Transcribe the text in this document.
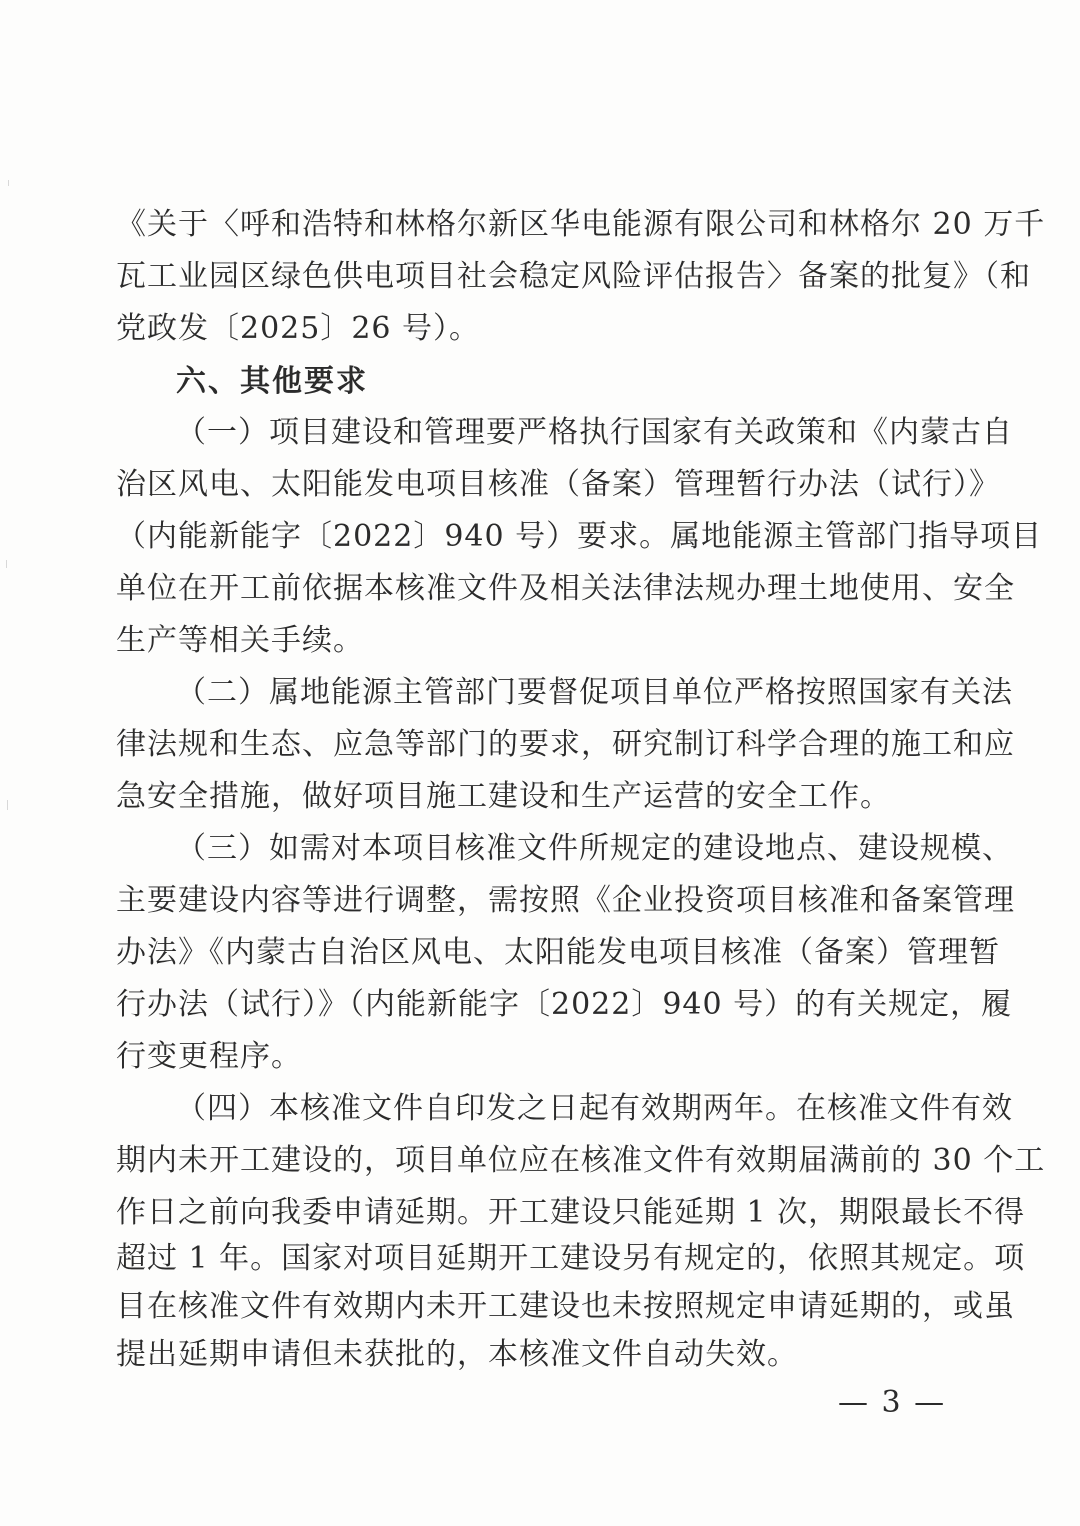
《关于〈呼和浩特和林格尔新区华电能源有限公司和林格尔 20 万千
瓦工业园区绿色供电项目社会稳定风险评估报告〉备案的批复》（和
党政发〔2025〕26 号）。
六、其他要求
（一）项目建设和管理要严格执行国家有关政策和《内蒙古自
治区风电、太阳能发电项目核准（备案）管理暂行办法（试行）》
（内能新能字〔2022〕940 号）要求。属地能源主管部门指导项目
单位在开工前依据本核准文件及相关法律法规办理土地使用、安全
生产等相关手续。
（二）属地能源主管部门要督促项目单位严格按照国家有关法
律法规和生态、应急等部门的要求，研究制订科学合理的施工和应
急安全措施，做好项目施工建设和生产运营的安全工作。
（三）如需对本项目核准文件所规定的建设地点、建设规模、
主要建设内容等进行调整，需按照《企业投资项目核准和备案管理
办法》《内蒙古自治区风电、太阳能发电项目核准（备案）管理暂
行办法（试行）》（内能新能字〔2022〕940 号）的有关规定，履
行变更程序。
（四）本核准文件自印发之日起有效期两年。在核准文件有效
期内未开工建设的，项目单位应在核准文件有效期届满前的 30 个工
作日之前向我委申请延期。开工建设只能延期 1 次，期限最长不得
超过 1 年。国家对项目延期开工建设另有规定的，依照其规定。项
目在核准文件有效期内未开工建设也未按照规定申请延期的，或虽
— 3 —
提出延期申请但未获批的，本核准文件自动失效。
